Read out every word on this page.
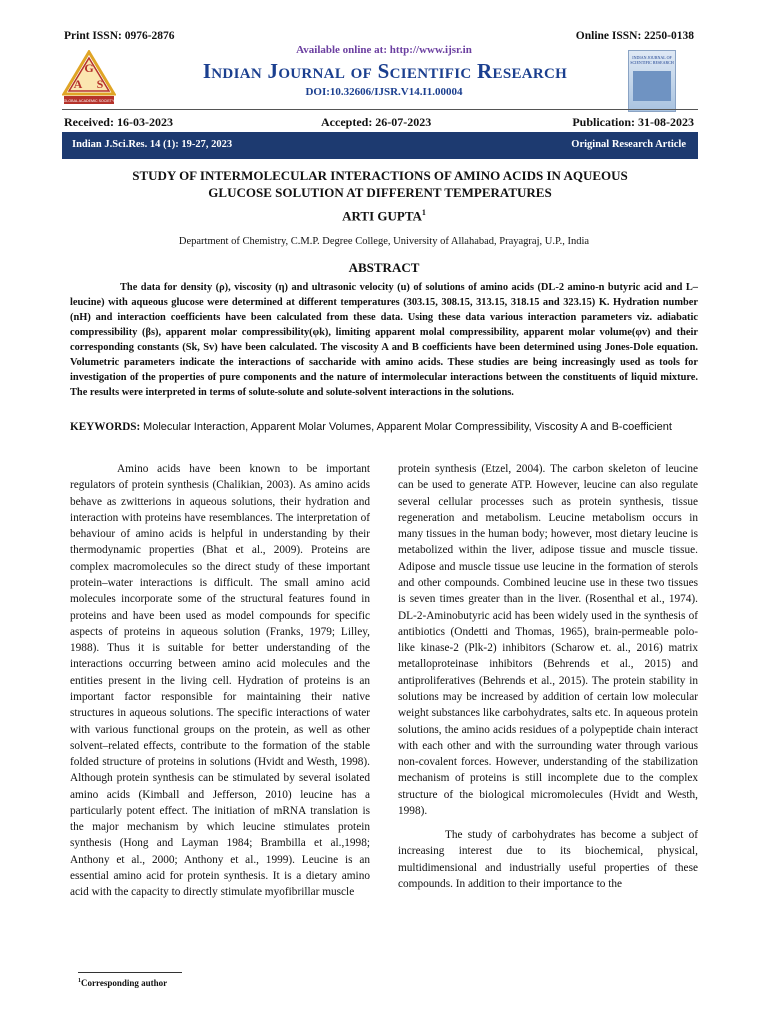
Print ISSN: 0976-2876	Online ISSN: 2250-0138
G
A S
GLOBAL ACADEMIC SOCIETY
Available online at: http://www.ijsr.in
Indian Journal of Scientific Research
DOI:10.32606/IJSR.V14.I1.00004
INDIAN JOURNAL OF SCIENTIFIC RESEARCH
Received: 16-03-2023	Accepted: 26-07-2023	Publication: 31-08-2023
Indian J.Sci.Res. 14 (1): 19-27, 2023	Original Research Article
STUDY OF INTERMOLECULAR INTERACTIONS OF AMINO ACIDS IN AQUEOUS
GLUCOSE SOLUTION AT DIFFERENT TEMPERATURES
ARTI GUPTA$^1$
Department of Chemistry, C.M.P. Degree College, University of Allahabad, Prayagraj, U.P., India
ABSTRACT

The data for density (ρ), viscosity (η) and ultrasonic velocity (u) of solutions of amino acids (DL-2 amino-n butyric acid and L–leucine) with aqueous glucose were determined at different temperatures (303.15, 308.15, 313.15, 318.15 and 323.15) K. Hydration number (nH) and interaction coefficients have been calculated from these data. Using these data various interaction parameters viz. adiabatic compressibility (βs), apparent molar compressibility(φk), limiting apparent molal compressibility, apparent molar volume(φv) and their corresponding constants (Sk, Sv) have been calculated. The viscosity A and B coefficients have been determined using Jones-Dole equation. Volumetric parameters indicate the interactions of saccharide with amino acids. These studies are being increasingly used as tools for investigation of the properties of pure components and the nature of intermolecular interactions between the constituents of liquid mixture. The results were interpreted in terms of solute-solute and solute-solvent interactions in the solutions.

KEYWORDS: Molecular Interaction, Apparent Molar Volumes, Apparent Molar Compressibility, Viscosity A and B-coefficient

Amino acids have been known to be important regulators of protein synthesis (Chalikian, 2003). As amino acids behave as zwitterions in aqueous solutions, their hydration and interaction with proteins have resemblances. The interpretation of behaviour of amino acids is helpful in understanding by their thermodynamic properties (Bhat et al., 2009). Proteins are complex macromolecules so the direct study of these important protein–water interactions is difficult. The small amino acid molecules incorporate some of the structural features found in proteins and have been used as model compounds for specific aspects of proteins in aqueous solution (Franks, 1979; Lilley, 1988). Thus it is suitable for better understanding of the interactions occurring between amino acid molecules and the entities present in the living cell. Hydration of proteins is an important factor responsible for maintaining their native structures in aqueous solutions. The specific interactions of water with various functional groups on the protein, as well as other solvent–related effects, contribute to the formation of the stable folded structure of proteins in solutions (Hvidt and Westh, 1998). Although protein synthesis can be stimulated by several isolated amino acids (Kimball and Jefferson, 2010) leucine has a particularly potent effect. The initiation of mRNA translation is the major mechanism by which leucine stimulates protein synthesis (Hong and Layman 1984; Brambilla et al.,1998; Anthony et al., 2000; Anthony et al., 1999). Leucine is an essential amino acid for protein synthesis. It is a dietary amino acid with the capacity to directly stimulate myofibrillar muscle

protein synthesis (Etzel, 2004). The carbon skeleton of leucine can be used to generate ATP. However, leucine can also regulate several cellular processes such as protein synthesis, tissue regeneration and metabolism. Leucine metabolism occurs in many tissues in the human body; however, most dietary leucine is metabolized within the liver, adipose tissue and muscle tissue. Adipose and muscle tissue use leucine in the formation of sterols and other compounds. Combined leucine use in these two tissues is seven times greater than in the liver. (Rosenthal et al., 1974). DL-2-Aminobutyric acid has been widely used in the synthesis of antibiotics (Ondetti and Thomas, 1965), brain-permeable polo-like kinase-2 (Plk-2) inhibitors (Scharow et. al., 2016) matrix metalloproteinase inhibitors (Behrends et al., 2015) and antiproliferatives (Behrends et al., 2015). The protein stability in solutions may be increased by addition of certain low molecular weight substances like carbohydrates, salts etc. In aqueous protein solutions, the amino acids residues of a polypeptide chain interact with each other and with the surrounding water through various non-covalent forces. However, understanding of the stabilization mechanism of proteins is still incomplete due to the complex structure of the biological micromolecules (Hvidt and Westh, 1998).

The study of carbohydrates has become a subject of increasing interest due to its biochemical, physical, multidimensional and industrially useful properties of these compounds. In addition to their importance to the

$^1$Corresponding author
